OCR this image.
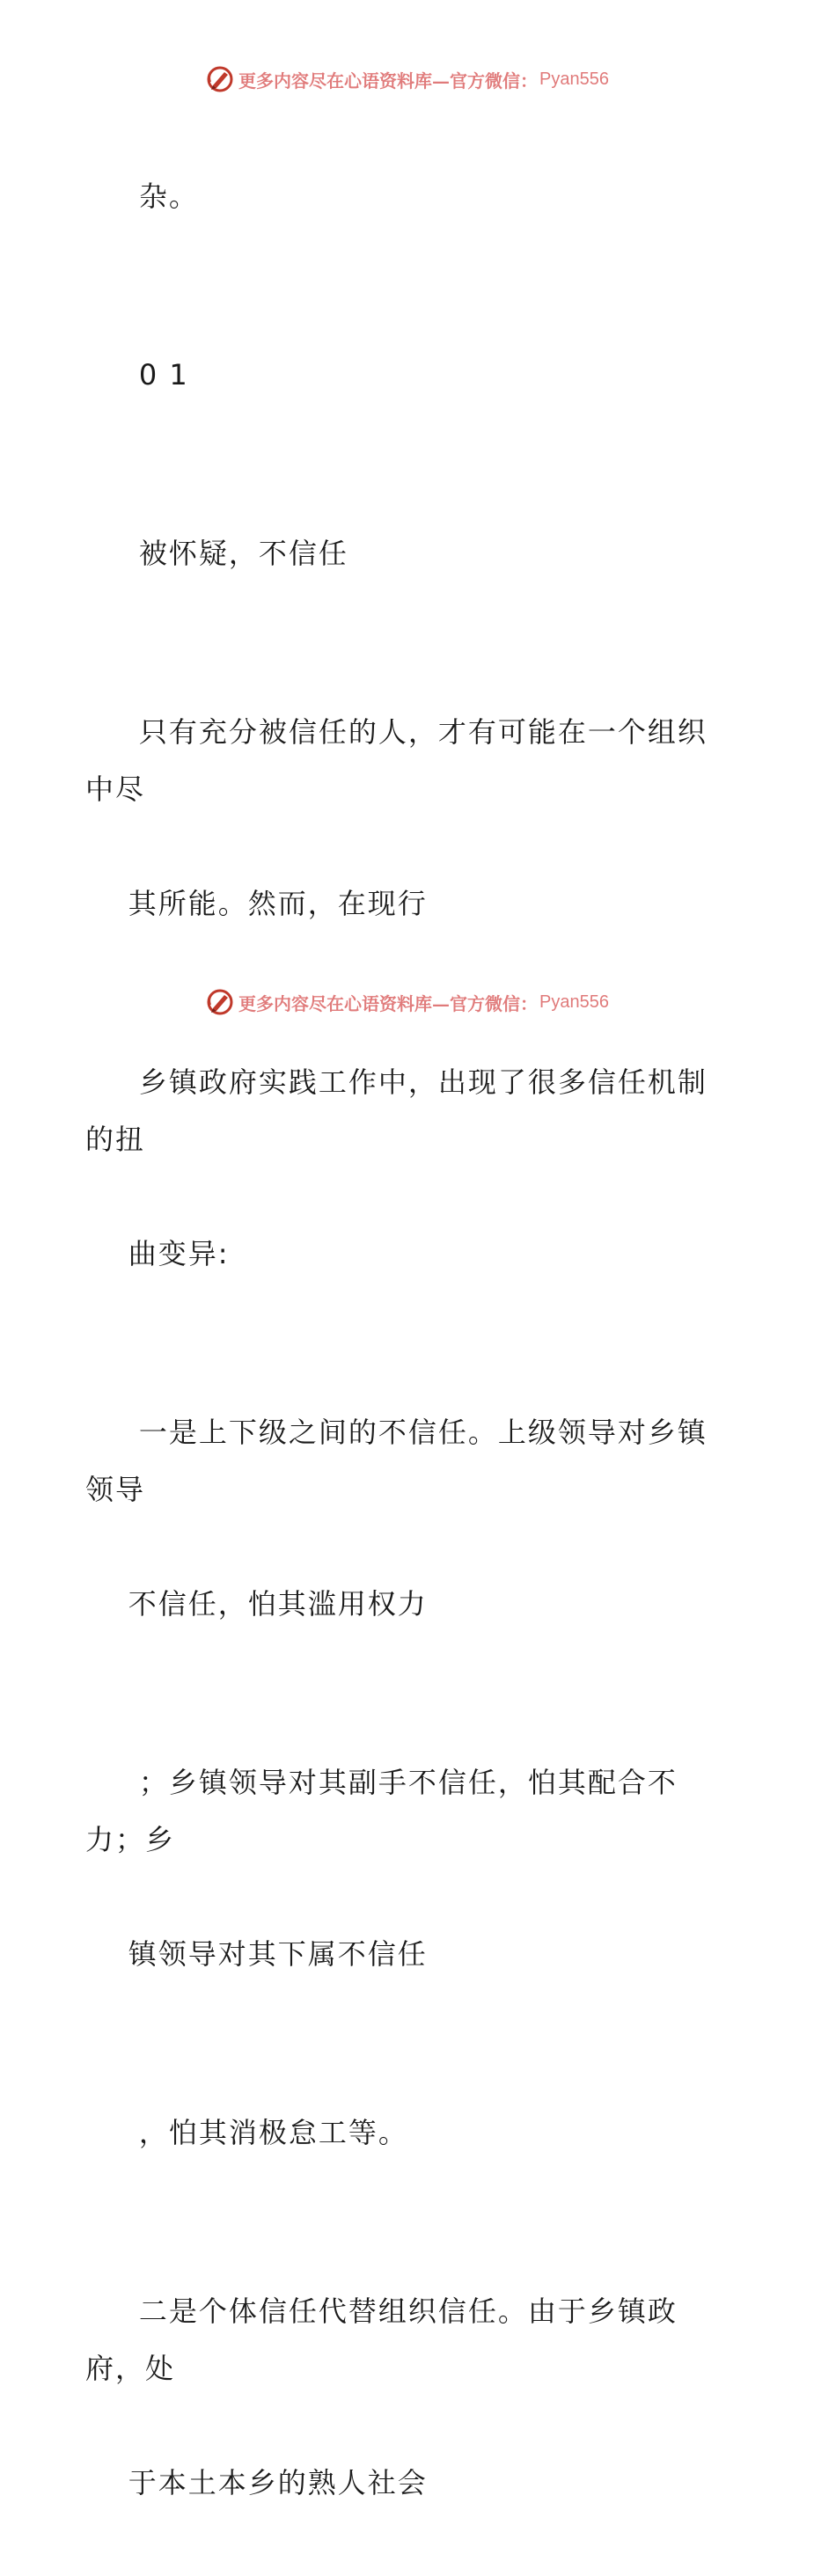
更多内容尽在心语资料库—官方微信： Pyan556

杂。

0 1

被怀疑，不信任

只有充分被信任的人，才有可能在一个组织中尽

其所能。然而，在现行

乡镇政府实践工作中，出现了很多信任机制的扭

曲变异:

一是上下级之间的不信任。上级领导对乡镇领导

不信任，怕其滥用权力

；乡镇领导对其副手不信任，怕其配合不力；乡

镇领导对其下属不信任

，怕其消极怠工等。

二是个体信任代替组织信任。由于乡镇政府，处

于本土本乡的熟人社会

更多内容尽在心语资料库—官方微信： Pyan556
